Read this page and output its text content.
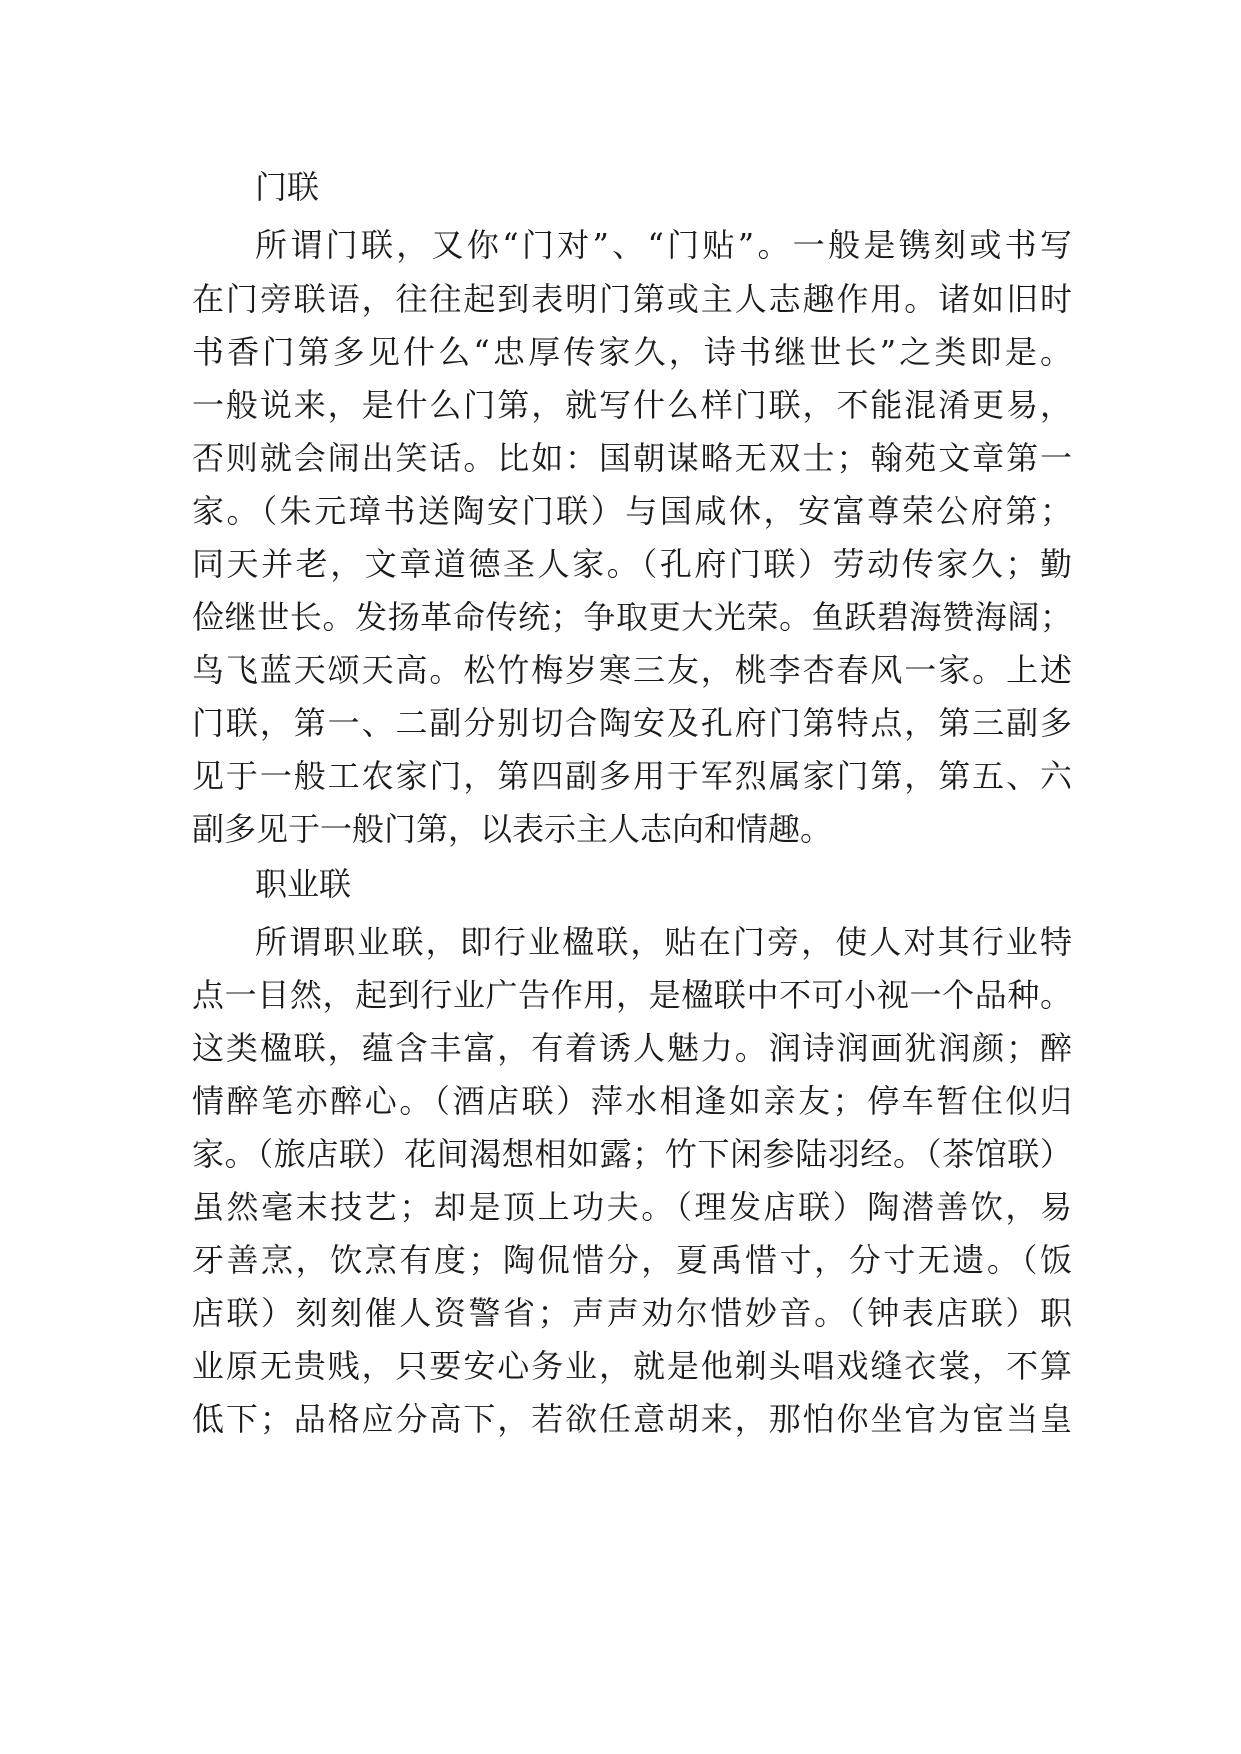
门联
所谓门联，又你“门对”、“门贴”。一般是镌刻或书写
在门旁联语，往往起到表明门第或主人志趣作用。诸如旧时
书香门第多见什么“忠厚传家久，诗书继世长”之类即是。
一般说来，是什么门第，就写什么样门联，不能混淆更易，
否则就会闹出笑话。比如：国朝谋略无双士；翰苑文章第一
家。（朱元璋书送陶安门联）与国咸休，安富尊荣公府第；
同天并老，文章道德圣人家。（孔府门联）劳动传家久；勤
俭继世长。发扬革命传统；争取更大光荣。鱼跃碧海赞海阔；
鸟飞蓝天颂天高。松竹梅岁寒三友，桃李杏春风一家。上述
门联，第一、二副分别切合陶安及孔府门第特点，第三副多
见于一般工农家门，第四副多用于军烈属家门第，第五、六
副多见于一般门第，以表示主人志向和情趣。
职业联
所谓职业联，即行业楹联，贴在门旁，使人对其行业特
点一目然，起到行业广告作用，是楹联中不可小视一个品种。
这类楹联，蕴含丰富，有着诱人魅力。润诗润画犹润颜；醉
情醉笔亦醉心。（酒店联）萍水相逢如亲友；停车暂住似归
家。（旅店联）花间渴想相如露；竹下闲参陆羽经。（茶馆联）
虽然毫末技艺；却是顶上功夫。（理发店联）陶潜善饮，易
牙善烹，饮烹有度；陶侃惜分，夏禹惜寸，分寸无遗。（饭
店联）刻刻催人资警省；声声劝尔惜妙音。（钟表店联）职
业原无贵贱，只要安心务业，就是他剃头唱戏缝衣裳，不算
低下；品格应分高下，若欲任意胡来，那怕你坐官为宦当皇
